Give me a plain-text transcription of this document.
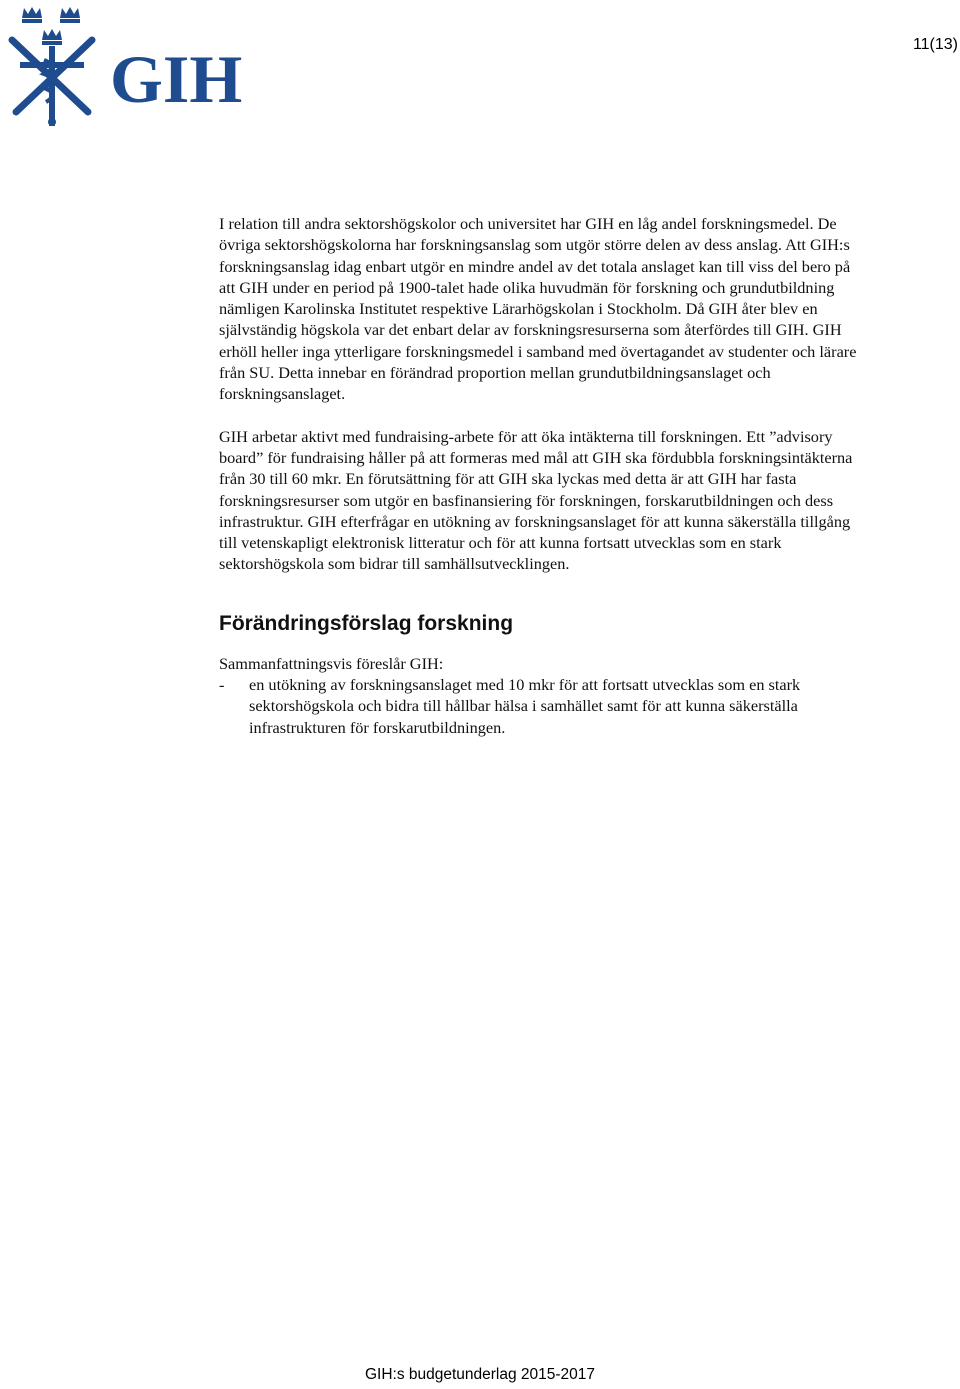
GIH	11(13)

I relation till andra sektorshögskolor och universitet har GIH en låg andel forskningsmedel. De övriga sektorshögskolorna har forskningsanslag som utgör större delen av dess anslag. Att GIH:s forskningsanslag idag enbart utgör en mindre andel av det totala anslaget kan till viss del bero på att GIH under en period på 1900-talet hade olika huvudmän för forskning och grundutbildning nämligen Karolinska Institutet respektive Lärarhögskolan i Stockholm. Då GIH åter blev en självständig högskola var det enbart delar av forskningsresurserna som återfördes till GIH. GIH erhöll heller inga ytterligare forskningsmedel i samband med övertagandet av studenter och lärare från SU. Detta innebar en förändrad proportion mellan grundutbildningsanslaget och forskningsanslaget.

GIH arbetar aktivt med fundraising-arbete för att öka intäkterna till forskningen. Ett ”advisory board” för fundraising håller på att formeras med mål att GIH ska fördubbla forskningsintäkterna från 30 till 60 mkr. En förutsättning för att GIH ska lyckas med detta är att GIH har fasta forskningsresurser som utgör en basfinansiering för forskningen, forskarutbildningen och dess infrastruktur. GIH efterfrågar en utökning av forskningsanslaget för att kunna säkerställa tillgång till vetenskapligt elektronisk litteratur och för att kunna fortsatt utvecklas som en stark sektorshögskola som bidrar till samhällsutvecklingen.

Förändringsförslag forskning

Sammanfattningsvis föreslår GIH:

-	en utökning av forskningsanslaget med 10 mkr för att fortsatt utvecklas som en stark sektorshögskola och bidra till hållbar hälsa i samhället samt för att kunna säkerställa infrastrukturen för forskarutbildningen.
GIH:s budgetunderlag 2015-2017
